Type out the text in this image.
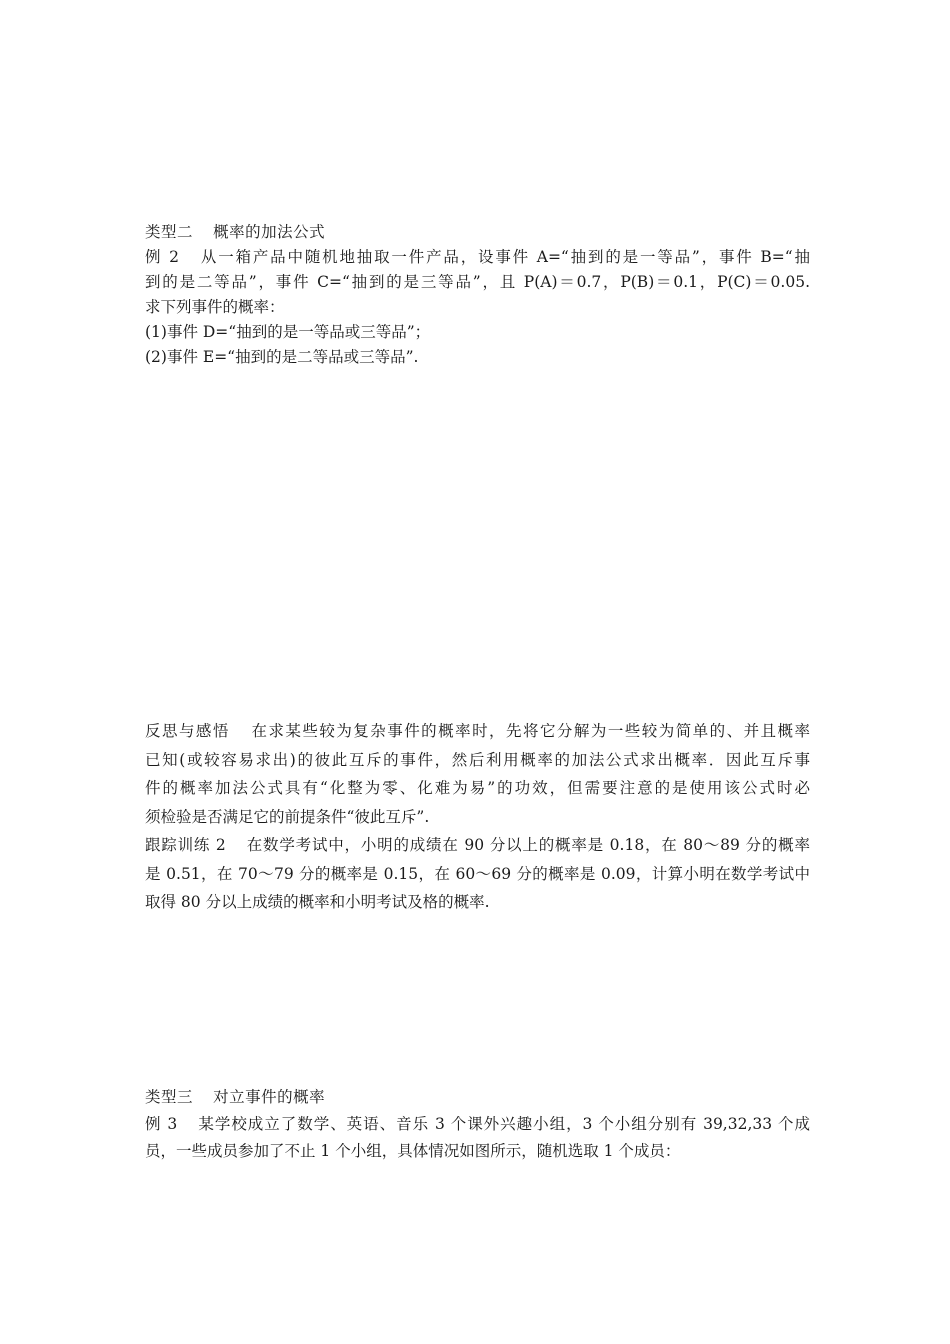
类型二 概率的加法公式
例 2 从一箱产品中随机地抽取一件产品，设事件 A=“抽到的是一等品”，事件 B=“抽
到的是二等品”，事件 C=“抽到的是三等品”，且 P(A)＝0.7，P(B)＝0.1，P(C)＝0.05.
求下列事件的概率：
(1)事件 D=“抽到的是一等品或三等品”；
(2)事件 E=“抽到的是二等品或三等品”.
反思与感悟 在求某些较为复杂事件的概率时，先将它分解为一些较为简单的、并且概率
已知(或较容易求出)的彼此互斥的事件，然后利用概率的加法公式求出概率．因此互斥事
件的概率加法公式具有“化整为零、化难为易”的功效，但需要注意的是使用该公式时必
须检验是否满足它的前提条件“彼此互斥”.
跟踪训练 2 在数学考试中，小明的成绩在 90 分以上的概率是 0.18，在 80～89 分的概率
是 0.51，在 70～79 分的概率是 0.15，在 60～69 分的概率是 0.09，计算小明在数学考试中
取得 80 分以上成绩的概率和小明考试及格的概率.
类型三 对立事件的概率
例 3 某学校成立了数学、英语、音乐 3 个课外兴趣小组，3 个小组分别有 39,32,33 个成
员，一些成员参加了不止 1 个小组，具体情况如图所示，随机选取 1 个成员：
